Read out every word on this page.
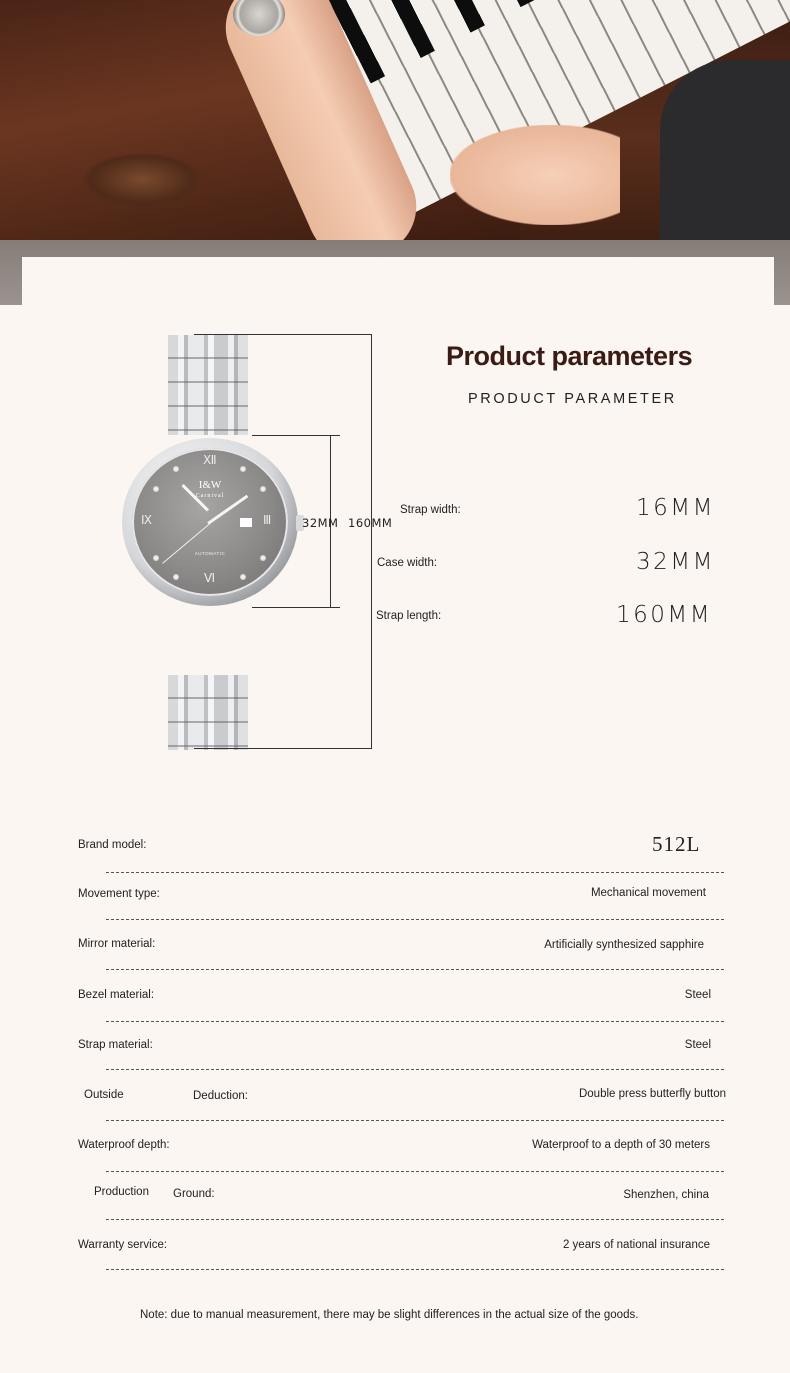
Ⅻ
Ⅸ	Ⅲ
Ⅵ
I&W
Carnival
AUTOMATIC
32MM 160MM
Product parameters
PRODUCT PARAMETER
Strap width:	16MM
Case width:	32MM
Strap length:	160MM
Brand model:	512L
Movement type:	Mechanical movement
Mirror material:	Artificially synthesized sapphire
Bezel material:	Steel
Strap material:	Steel
Outside	Deduction:	Double press butterfly button
Waterproof depth:	Waterproof to a depth of 30 meters
Production Ground:	Shenzhen, china
Warranty service:	2 years of national insurance
Note: due to manual measurement, there may be slight differences in the actual size of the goods.
